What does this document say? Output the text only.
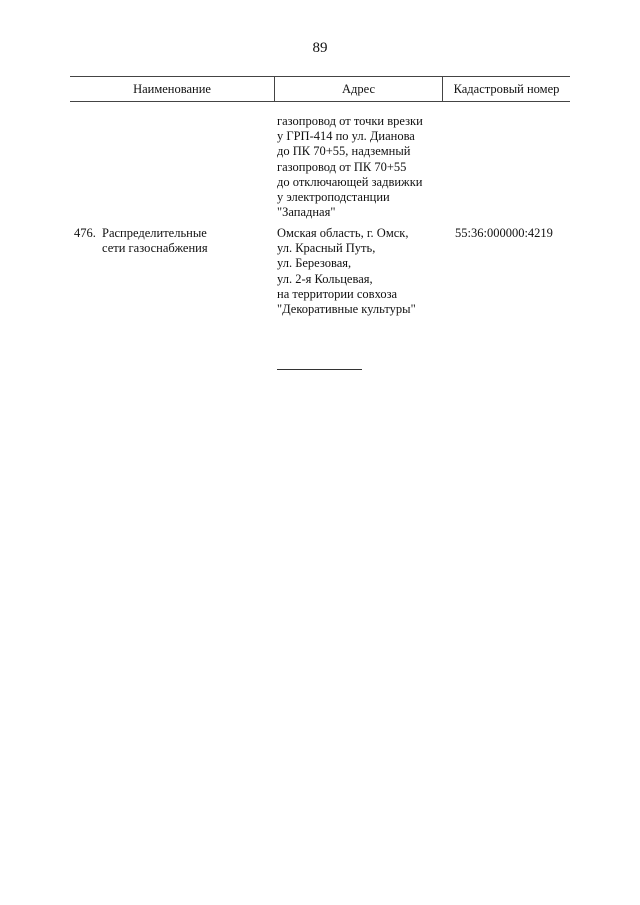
89
Наименование	Адрес	Кадастровый номер
газопровод от точки врезки
у ГРП-414 по ул. Дианова
до ПК 70+55, надземный
газопровод от ПК 70+55
до отключающей задвижки
у электроподстанции
"Западная"
476. Распределительные
сети газоснабжения
Омская область, г. Омск,
ул. Красный Путь,
ул. Березовая,
ул. 2-я Кольцевая,
на территории совхоза
"Декоративные культуры"
55:36:000000:4219
